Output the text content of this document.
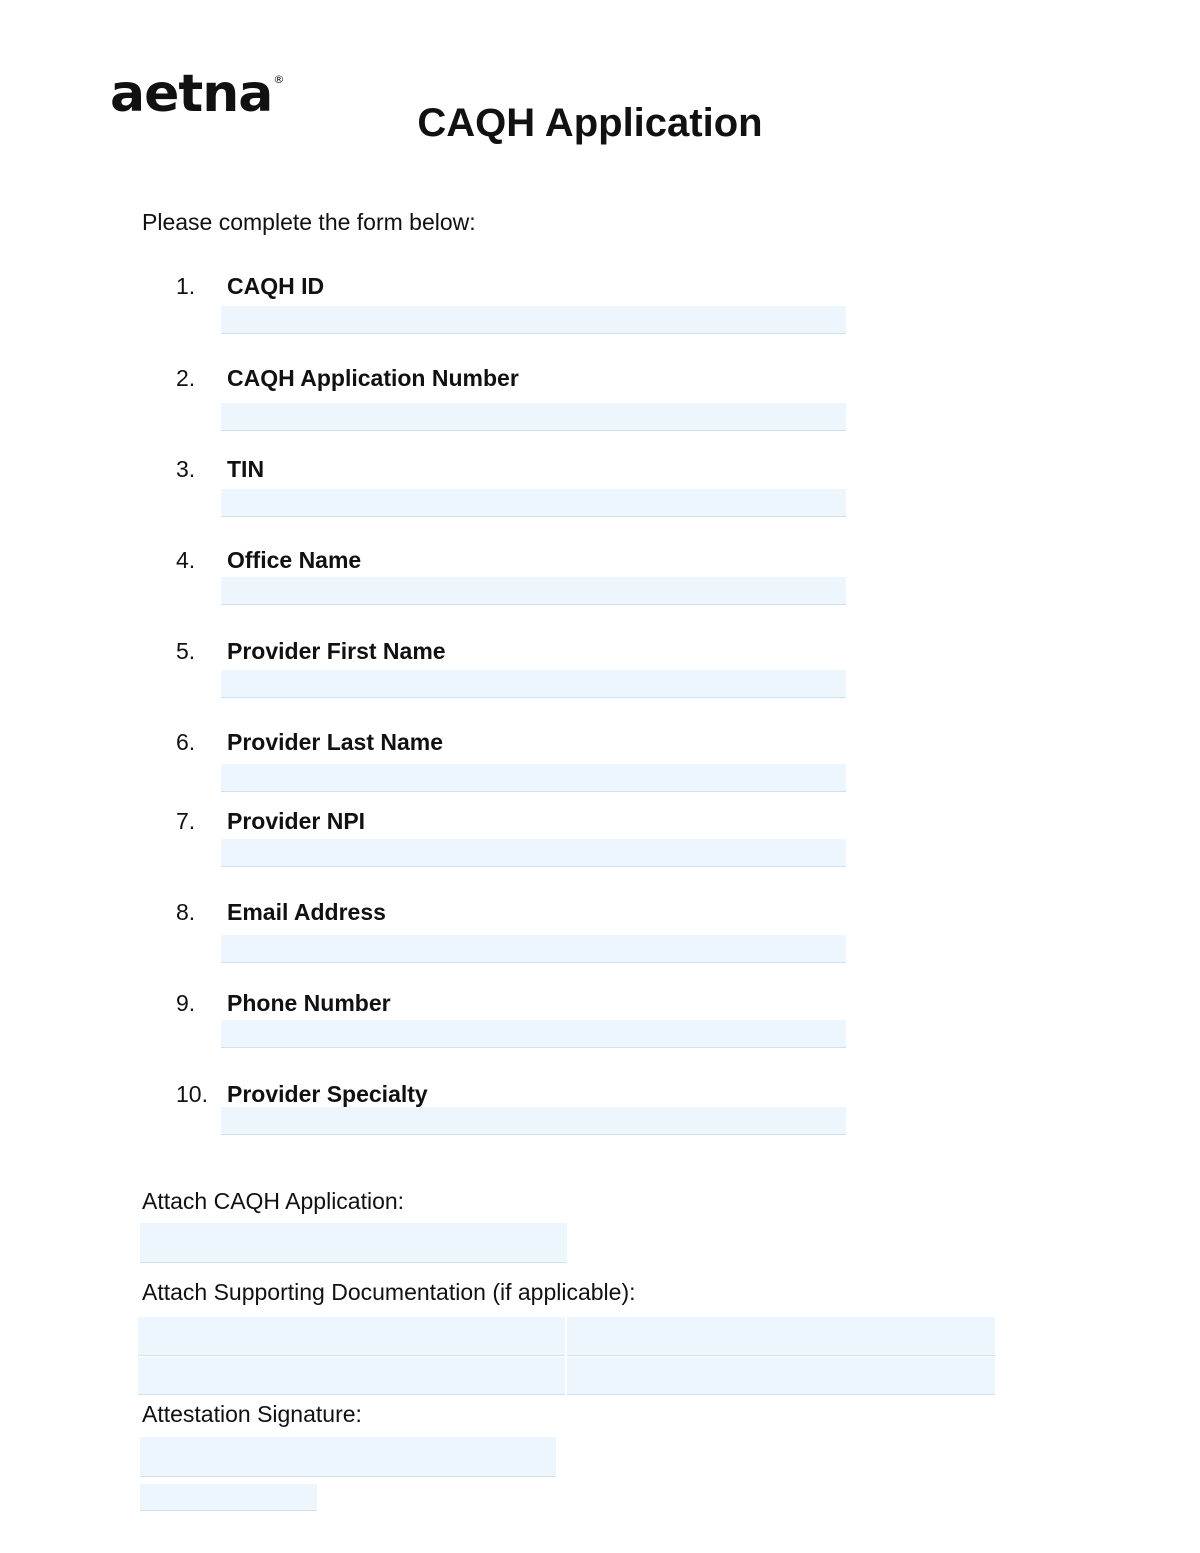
aetna®
CAQH Application
Please complete the form below:
1. CAQH ID
2. CAQH Application Number
3. TIN
4. Office Name
5. Provider First Name
6. Provider Last Name
7. Provider NPI
8. Email Address
9. Phone Number
10. Provider Specialty
Attach CAQH Application:
Attach Supporting Documentation (if applicable):
Attestation Signature:
